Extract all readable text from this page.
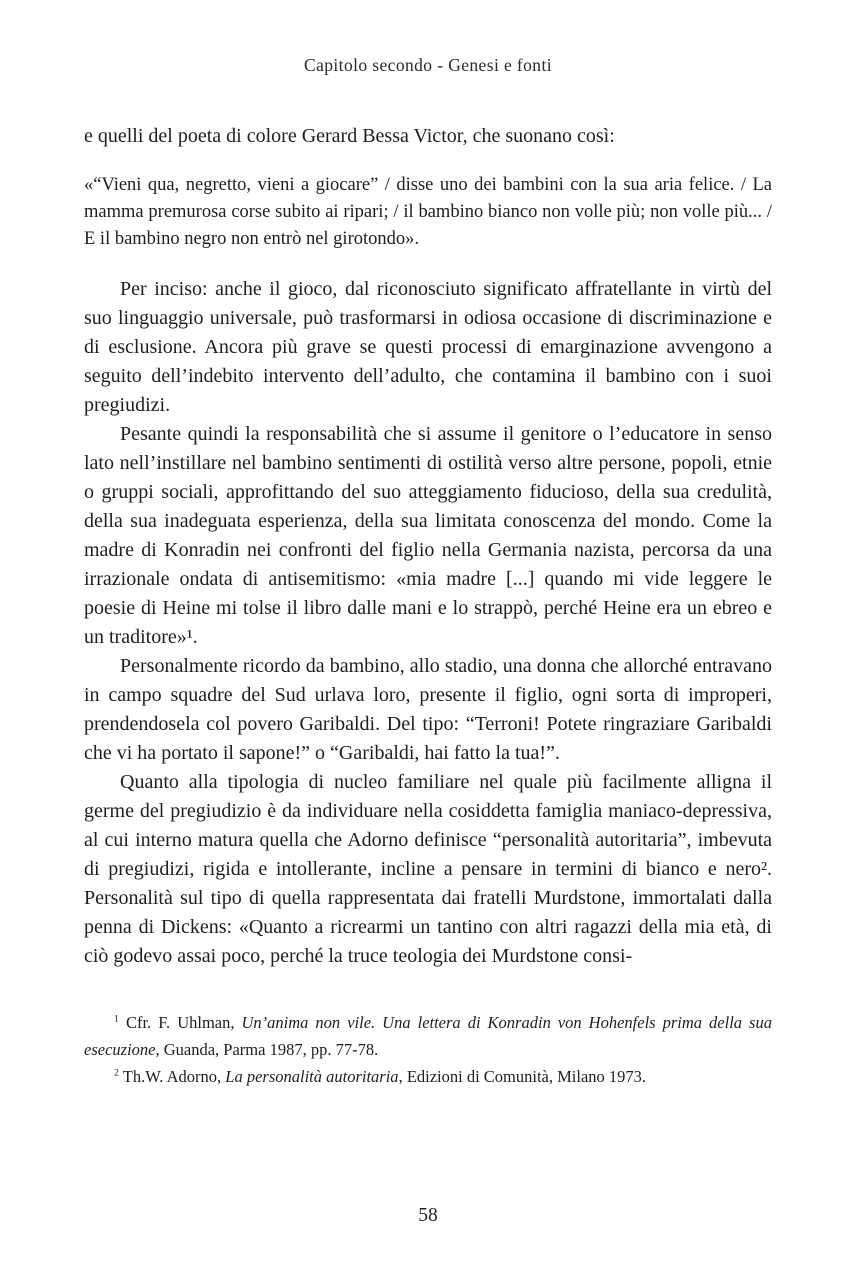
Capitolo secondo - Genesi e fonti

e quelli del poeta di colore Gerard Bessa Victor, che suonano così:

«“Vieni qua, negretto, vieni a giocare” / disse uno dei bambini con la sua aria felice. / La mamma premurosa corse subito ai ripari; / il bambino bianco non volle più; non volle più... / E il bambino negro non entrò nel girotondo».

Per inciso: anche il gioco, dal riconosciuto significato affratellante in virtù del suo linguaggio universale, può trasformarsi in odiosa occasione di discriminazione e di esclusione. Ancora più grave se questi processi di emarginazione avvengono a seguito dell’indebito intervento dell’adulto, che contamina il bambino con i suoi pregiudizi.

Pesante quindi la responsabilità che si assume il genitore o l’educatore in senso lato nell’instillare nel bambino sentimenti di ostilità verso altre persone, popoli, etnie o gruppi sociali, approfittando del suo atteggiamento fiducioso, della sua credulità, della sua inadeguata esperienza, della sua limitata conoscenza del mondo. Come la madre di Konradin nei confronti del figlio nella Germania nazista, percorsa da una irrazionale ondata di antisemitismo: «mia madre [...] quando mi vide leggere le poesie di Heine mi tolse il libro dalle mani e lo strappò, perché Heine era un ebreo e un traditore»¹.

Personalmente ricordo da bambino, allo stadio, una donna che allorché entravano in campo squadre del Sud urlava loro, presente il figlio, ogni sorta di improperi, prendendosela col povero Garibaldi. Del tipo: “Terroni! Potete ringraziare Garibaldi che vi ha portato il sapone!” o “Garibaldi, hai fatto la tua!”.

Quanto alla tipologia di nucleo familiare nel quale più facilmente alligna il germe del pregiudizio è da individuare nella cosiddetta famiglia maniaco-depressiva, al cui interno matura quella che Adorno definisce “personalità autoritaria”, imbevuta di pregiudizi, rigida e intollerante, incline a pensare in termini di bianco e nero². Personalità sul tipo di quella rappresentata dai fratelli Murdstone, immortalati dalla penna di Dickens: «Quanto a ricrearmi un tantino con altri ragazzi della mia età, di ciò godevo assai poco, perché la truce teologia dei Murdstone consi-

$^1$ Cfr. F. Uhlman, Un’anima non vile. Una lettera di Konradin von Hohenfels prima della sua esecuzione, Guanda, Parma 1987, pp. 77-78.

$^2$ Th.W. Adorno, La personalità autoritaria, Edizioni di Comunità, Milano 1973.

58
